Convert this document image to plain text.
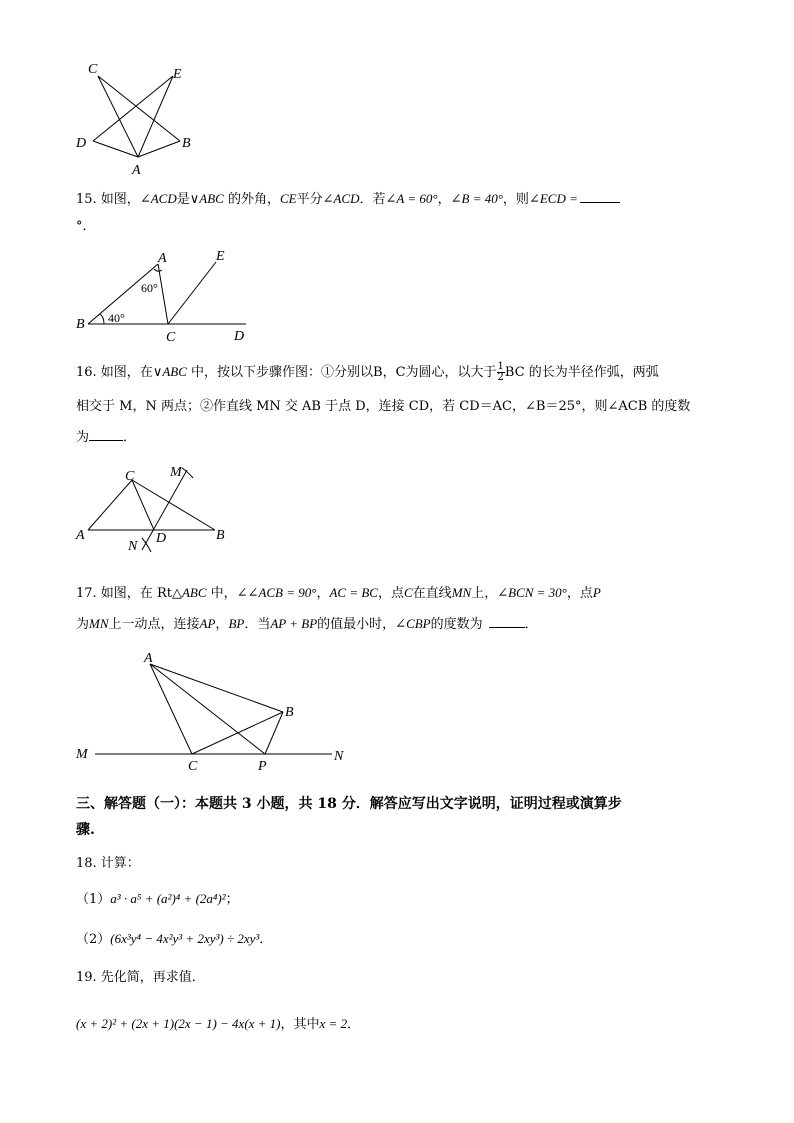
C	E
D	B
A
15. 如图，∠ACD是∨ABC 的外角，CE平分∠ACD．若∠A = 60°，∠B = 40°，则∠ECD =
°．
A	E
B
C	D
60°
40°
16. 如图，在∨ABC 中，按以下步骤作图：①分别以B，C为圆心，以大于 $\frac{1}{2}$ BC 的长为半径作弧，两弧
相交于 M，N 两点；②作直线 MN 交 AB 于点 D，连接 CD，若 CD＝AC，∠B＝25°，则∠ACB 的度数
为	．
C	M
A	D	B
N
17. 如图，在 Rt△ABC 中，∠∠ACB = 90°，AC = BC，点C在直线MN上，∠BCN = 30°，点P
为MN上一动点，连接AP，BP．当AP + BP的值最小时，∠CBP的度数为	．
A
B
M
C	P
N
三、解答题（一）：本题共 3 小题，共 18 分．解答应写出文字说明，证明过程或演算步
骤.
18. 计算：
（1）a³ · a⁵ + (a²)⁴ + (2a⁴)²；
（2）(6x³y⁴ − 4x²y³ + 2xy³) ÷ 2xy³．
19. 先化简，再求值．
(x + 2)² + (2x + 1)(2x − 1) − 4x(x + 1)，其中x = 2．
